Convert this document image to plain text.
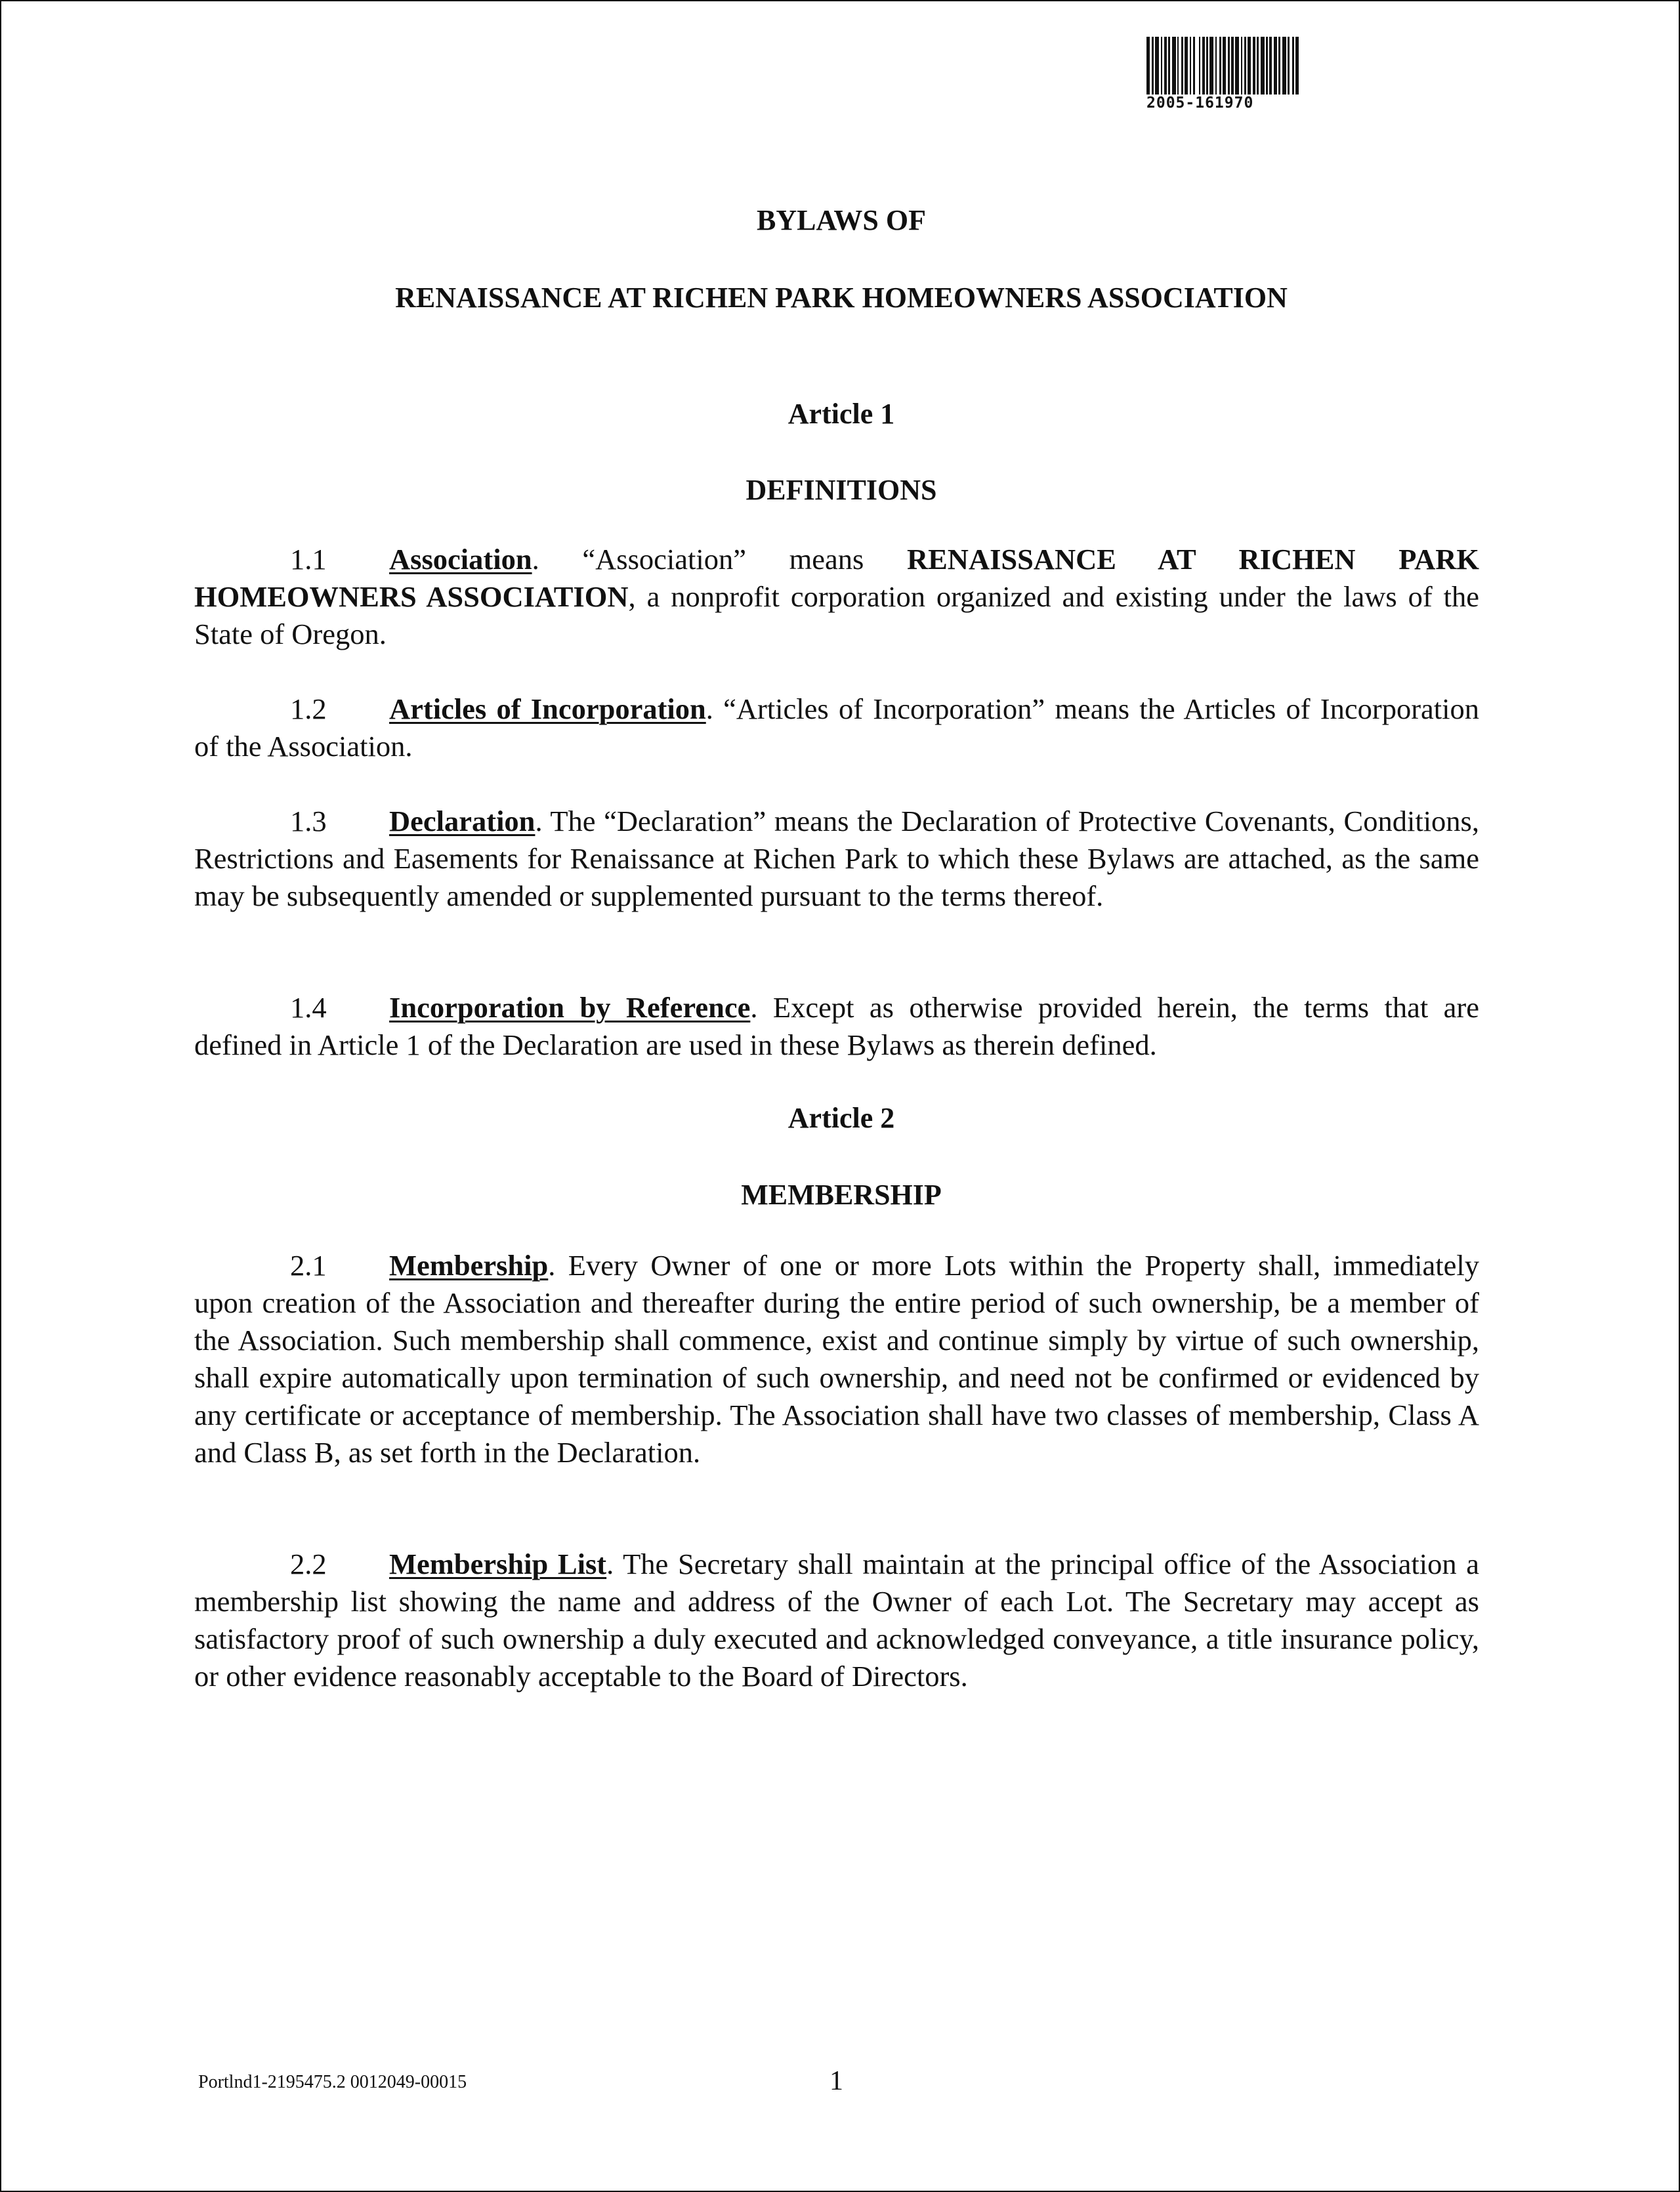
2005-161970
BYLAWS OF
RENAISSANCE AT RICHEN PARK HOMEOWNERS ASSOCIATION
Article 1
DEFINITIONS
1.1 Association. “Association” means RENAISSANCE AT RICHEN PARK HOMEOWNERS ASSOCIATION, a nonprofit corporation organized and existing under the laws of the State of Oregon.
1.2 Articles of Incorporation. “Articles of Incorporation” means the Articles of Incorporation of the Association.
1.3 Declaration. The “Declaration” means the Declaration of Protective Covenants, Conditions, Restrictions and Easements for Renaissance at Richen Park to which these Bylaws are attached, as the same may be subsequently amended or supplemented pursuant to the terms thereof.
1.4 Incorporation by Reference. Except as otherwise provided herein, the terms that are defined in Article 1 of the Declaration are used in these Bylaws as therein defined.
Article 2
MEMBERSHIP
2.1 Membership. Every Owner of one or more Lots within the Property shall, immediately upon creation of the Association and thereafter during the entire period of such ownership, be a member of the Association. Such membership shall commence, exist and continue simply by virtue of such ownership, shall expire automatically upon termination of such ownership, and need not be confirmed or evidenced by any certificate or acceptance of membership. The Association shall have two classes of membership, Class A and Class B, as set forth in the Declaration.
2.2 Membership List. The Secretary shall maintain at the principal office of the Association a membership list showing the name and address of the Owner of each Lot. The Secretary may accept as satisfactory proof of such ownership a duly executed and acknowledged conveyance, a title insurance policy, or other evidence reasonably acceptable to the Board of Directors.
Portlnd1-2195475.2 0012049-00015	1
